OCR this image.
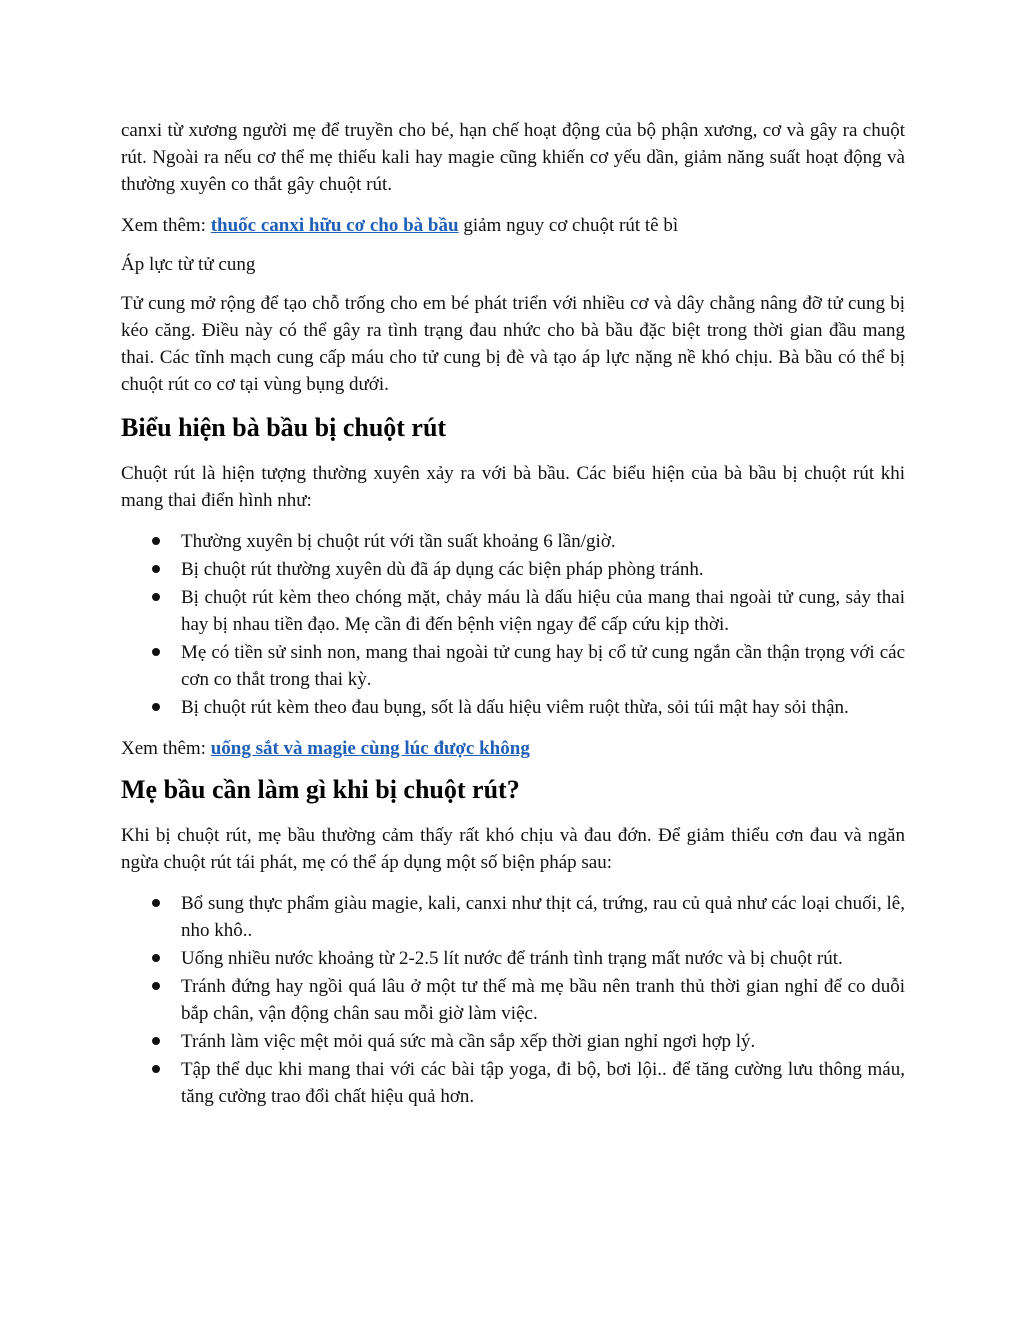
canxi từ xương người mẹ để truyền cho bé, hạn chế hoạt động của bộ phận xương, cơ và gây ra chuột rút. Ngoài ra nếu cơ thể mẹ thiếu kali hay magie cũng khiến cơ yếu dần, giảm năng suất hoạt động và thường xuyên co thắt gây chuột rút.

Xem thêm: thuốc canxi hữu cơ cho bà bầu giảm nguy cơ chuột rút tê bì

Áp lực từ tử cung

Tử cung mở rộng để tạo chỗ trống cho em bé phát triển với nhiều cơ và dây chằng nâng đỡ tử cung bị kéo căng. Điều này có thể gây ra tình trạng đau nhức cho bà bầu đặc biệt trong thời gian đầu mang thai. Các tĩnh mạch cung cấp máu cho tử cung bị đè và tạo áp lực nặng nề khó chịu. Bà bầu có thể bị chuột rút co cơ tại vùng bụng dưới.

Biểu hiện bà bầu bị chuột rút

Chuột rút là hiện tượng thường xuyên xảy ra với bà bầu. Các biểu hiện của bà bầu bị chuột rút khi mang thai điển hình như:

Thường xuyên bị chuột rút với tần suất khoảng 6 lần/giờ.
Bị chuột rút thường xuyên dù đã áp dụng các biện pháp phòng tránh.
Bị chuột rút kèm theo chóng mặt, chảy máu là dấu hiệu của mang thai ngoài tử cung, sảy thai hay bị nhau tiền đạo. Mẹ cần đi đến bệnh viện ngay để cấp cứu kịp thời.
Mẹ có tiền sử sinh non, mang thai ngoài tử cung hay bị cổ tử cung ngắn cần thận trọng với các cơn co thắt trong thai kỳ.
Bị chuột rút kèm theo đau bụng, sốt là dấu hiệu viêm ruột thừa, sỏi túi mật hay sỏi thận.

Xem thêm: uống sắt và magie cùng lúc được không

Mẹ bầu cần làm gì khi bị chuột rút?

Khi bị chuột rút, mẹ bầu thường cảm thấy rất khó chịu và đau đớn. Để giảm thiểu cơn đau và ngăn ngừa chuột rút tái phát, mẹ có thể áp dụng một số biện pháp sau:

Bổ sung thực phẩm giàu magie, kali, canxi như thịt cá, trứng, rau củ quả như các loại chuối, lê, nho khô..
Uống nhiều nước khoảng từ 2-2.5 lít nước để tránh tình trạng mất nước và bị chuột rút.
Tránh đứng hay ngồi quá lâu ở một tư thế mà mẹ bầu nên tranh thủ thời gian nghỉ để co duỗi bắp chân, vận động chân sau mỗi giờ làm việc.
Tránh làm việc mệt mỏi quá sức mà cần sắp xếp thời gian nghỉ ngơi hợp lý.
Tập thể dục khi mang thai với các bài tập yoga, đi bộ, bơi lội.. để tăng cường lưu thông máu, tăng cường trao đổi chất hiệu quả hơn.
